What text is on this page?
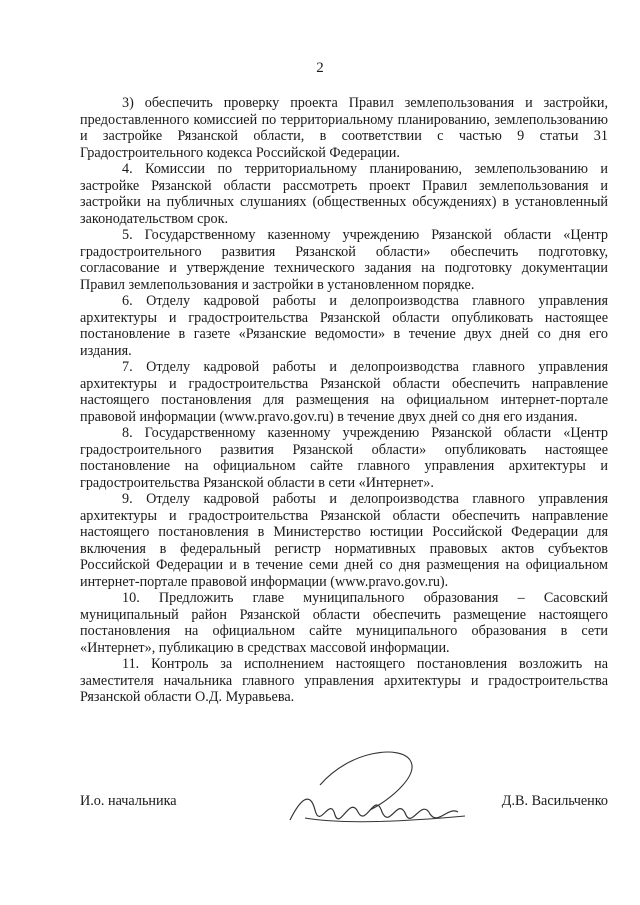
2

3) обеспечить проверку проекта Правил землепользования и застройки, предоставленного комиссией по территориальному планированию, землепользованию и застройке Рязанской области, в соответствии с частью 9 статьи 31 Градостроительного кодекса Российской Федерации.

4. Комиссии по территориальному планированию, землепользованию и застройке Рязанской области рассмотреть проект Правил землепользования и застройки на публичных слушаниях (общественных обсуждениях) в установленный законодательством срок.

5. Государственному казенному учреждению Рязанской области «Центр градостроительного развития Рязанской области» обеспечить подготовку, согласование и утверждение технического задания на подготовку документации Правил землепользования и застройки в установленном порядке.

6. Отделу кадровой работы и делопроизводства главного управления архитектуры и градостроительства Рязанской области опубликовать настоящее постановление в газете «Рязанские ведомости» в течение двух дней со дня его издания.

7. Отделу кадровой работы и делопроизводства главного управления архитектуры и градостроительства Рязанской области обеспечить направление настоящего постановления для размещения на официальном интернет-портале правовой информации (www.pravo.gov.ru) в течение двух дней со дня его издания.

8. Государственному казенному учреждению Рязанской области «Центр градостроительного развития Рязанской области» опубликовать настоящее постановление на официальном сайте главного управления архитектуры и градостроительства Рязанской области в сети «Интернет».

9. Отделу кадровой работы и делопроизводства главного управления архитектуры и градостроительства Рязанской области обеспечить направление настоящего постановления в Министерство юстиции Российской Федерации для включения в федеральный регистр нормативных правовых актов субъектов Российской Федерации и в течение семи дней со дня размещения на официальном интернет-портале правовой информации (www.pravo.gov.ru).

10. Предложить главе муниципального образования – Сасовский муниципальный район Рязанской области обеспечить размещение настоящего постановления на официальном сайте муниципального образования в сети «Интернет», публикацию в средствах массовой информации.

11. Контроль за исполнением настоящего постановления возложить на заместителя начальника главного управления архитектуры и градостроительства Рязанской области О.Д. Муравьева.

И.о. начальника	Д.В. Васильченко
